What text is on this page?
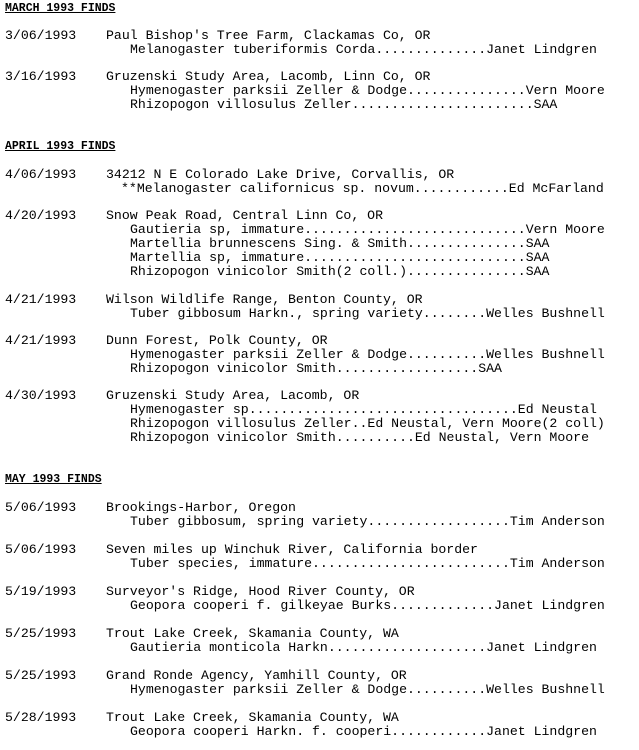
MARCH 1993 FINDS
3/06/1993 Paul Bishop's Tree Farm, Clackamas Co, OR
Melanogaster tuberiformis Corda..............Janet Lindgren
3/16/1993 Gruzenski Study Area, Lacomb, Linn Co, OR
Hymenogaster parksii Zeller & Dodge...............Vern Moore
Rhizopogon villosulus Zeller.......................SAA
APRIL 1993 FINDS
4/06/1993 34212 N E Colorado Lake Drive, Corvallis, OR
**Melanogaster californicus sp. novum............Ed McFarland
4/20/1993 Snow Peak Road, Central Linn Co, OR
Gautieria sp, immature............................Vern Moore
Martellia brunnescens Sing. & Smith...............SAA
Martellia sp, immature............................SAA
Rhizopogon vinicolor Smith(2 coll.)...............SAA
4/21/1993 Wilson Wildlife Range, Benton County, OR
Tuber gibbosum Harkn., spring variety........Welles Bushnell
4/21/1993 Dunn Forest, Polk County, OR
Hymenogaster parksii Zeller & Dodge..........Welles Bushnell
Rhizopogon vinicolor Smith..................SAA
4/30/1993 Gruzenski Study Area, Lacomb, OR
Hymenogaster sp..................................Ed Neustal
Rhizopogon villosulus Zeller..Ed Neustal, Vern Moore(2 coll)
Rhizopogon vinicolor Smith..........Ed Neustal, Vern Moore
MAY 1993 FINDS
5/06/1993 Brookings-Harbor, Oregon
Tuber gibbosum, spring variety..................Tim Anderson
5/06/1993 Seven miles up Winchuk River, California border
Tuber species, immature.........................Tim Anderson
5/19/1993 Surveyor's Ridge, Hood River County, OR
Geopora cooperi f. gilkeyae Burks.............Janet Lindgren
5/25/1993 Trout Lake Creek, Skamania County, WA
Gautieria monticola Harkn....................Janet Lindgren
5/25/1993 Grand Ronde Agency, Yamhill County, OR
Hymenogaster parksii Zeller & Dodge..........Welles Bushnell
5/28/1993 Trout Lake Creek, Skamania County, WA
Geopora cooperi Harkn. f. cooperi............Janet Lindgren
